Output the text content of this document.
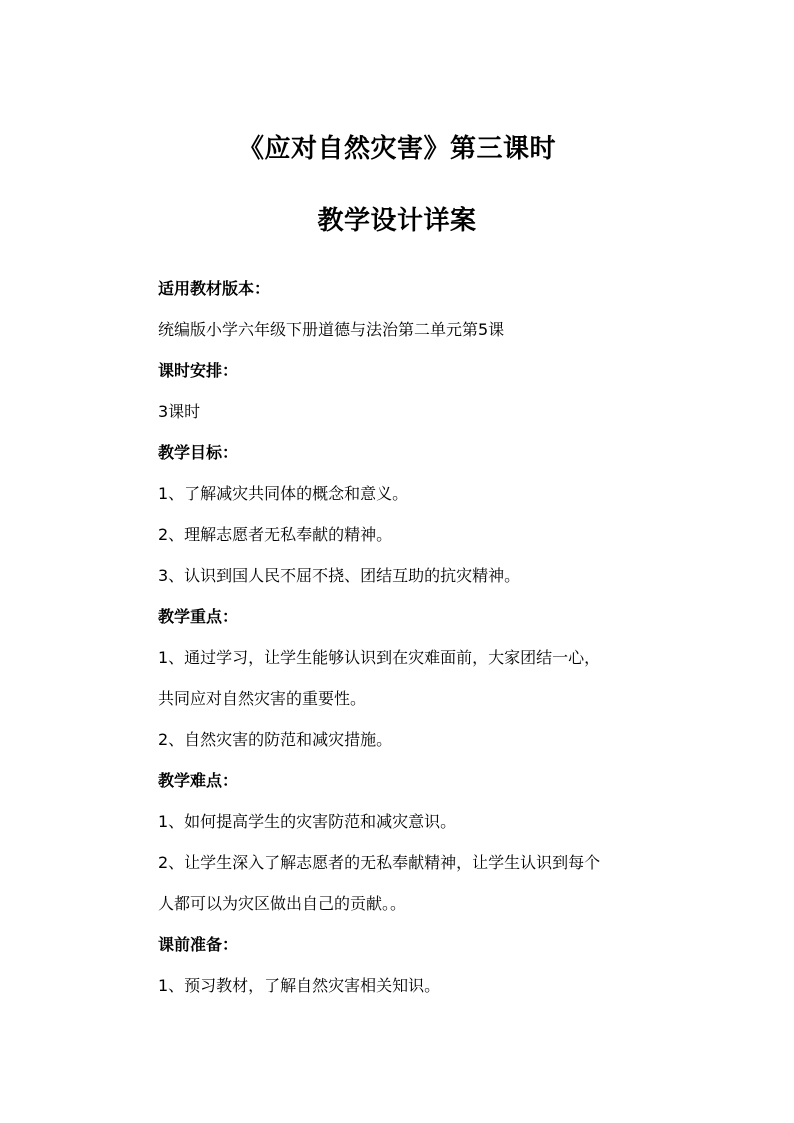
《应对自然灾害》第三课时
教学设计详案
适用教材版本：
统编版小学六年级下册道德与法治第二单元第5课
课时安排：
3课时
教学目标：
1、了解减灾共同体的概念和意义。
2、理解志愿者无私奉献的精神。
3、认识到国人民不屈不挠、团结互助的抗灾精神。
教学重点：
1、通过学习，让学生能够认识到在灾难面前，大家团结一心，
共同应对自然灾害的重要性。
2、自然灾害的防范和减灾措施。
教学难点：
1、如何提高学生的灾害防范和减灾意识。
2、让学生深入了解志愿者的无私奉献精神，让学生认识到每个
人都可以为灾区做出自己的贡献。。
课前准备：
1、预习教材，了解自然灾害相关知识。
